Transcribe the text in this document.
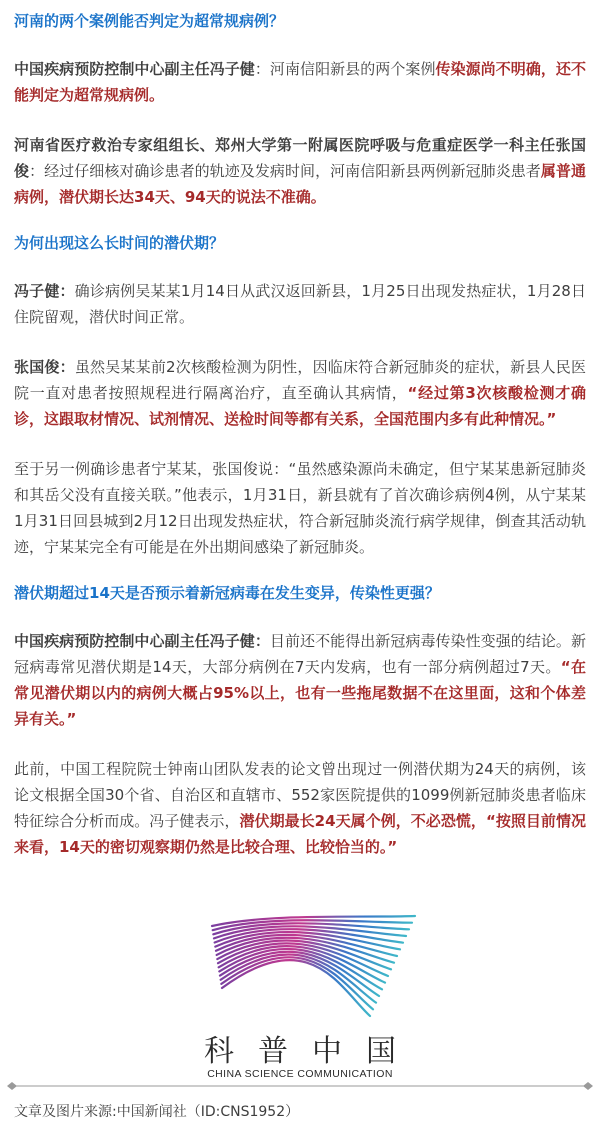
河南的两个案例能否判定为超常规病例？

中国疾病预防控制中心副主任冯子健：河南信阳新县的两个案例传染源尚不明确，还不能判定为超常规病例。

河南省医疗救治专家组组长、郑州大学第一附属医院呼吸与危重症医学一科主任张国俊：经过仔细核对确诊患者的轨迹及发病时间，河南信阳新县两例新冠肺炎患者属普通病例，潜伏期长达34天、94天的说法不准确。

为何出现这么长时间的潜伏期？

冯子健：确诊病例吴某某1月14日从武汉返回新县，1月25日出现发热症状，1月28日住院留观，潜伏时间正常。

张国俊：虽然吴某某前2次核酸检测为阴性，因临床符合新冠肺炎的症状，新县人民医院一直对患者按照规程进行隔离治疗，直至确认其病情，“经过第3次核酸检测才确诊，这跟取材情况、试剂情况、送检时间等都有关系，全国范围内多有此种情况。”

至于另一例确诊患者宁某某，张国俊说：“虽然感染源尚未确定，但宁某某患新冠肺炎和其岳父没有直接关联。”他表示，1月31日，新县就有了首次确诊病例4例，从宁某某1月31日回县城到2月12日出现发热症状，符合新冠肺炎流行病学规律，倒查其活动轨迹，宁某某完全有可能是在外出期间感染了新冠肺炎。

潜伏期超过14天是否预示着新冠病毒在发生变异，传染性更强？

中国疾病预防控制中心副主任冯子健：目前还不能得出新冠病毒传染性变强的结论。新冠病毒常见潜伏期是14天，大部分病例在7天内发病，也有一部分病例超过7天。“在常见潜伏期以内的病例大概占95%以上，也有一些拖尾数据不在这里面，这和个体差异有关。”

此前，中国工程院院士钟南山团队发表的论文曾出现过一例潜伏期为24天的病例，该论文根据全国30个省、自治区和直辖市、552家医院提供的1099例新冠肺炎患者临床特征综合分析而成。冯子健表示，潜伏期最长24天属个例，不必恐慌，“按照目前情况来看，14天的密切观察期仍然是比较合理、比较恰当的。”

科普中国
CHINA SCIENCE COMMUNICATION
文章及图片来源:中国新闻社（ID:CNS1952）
